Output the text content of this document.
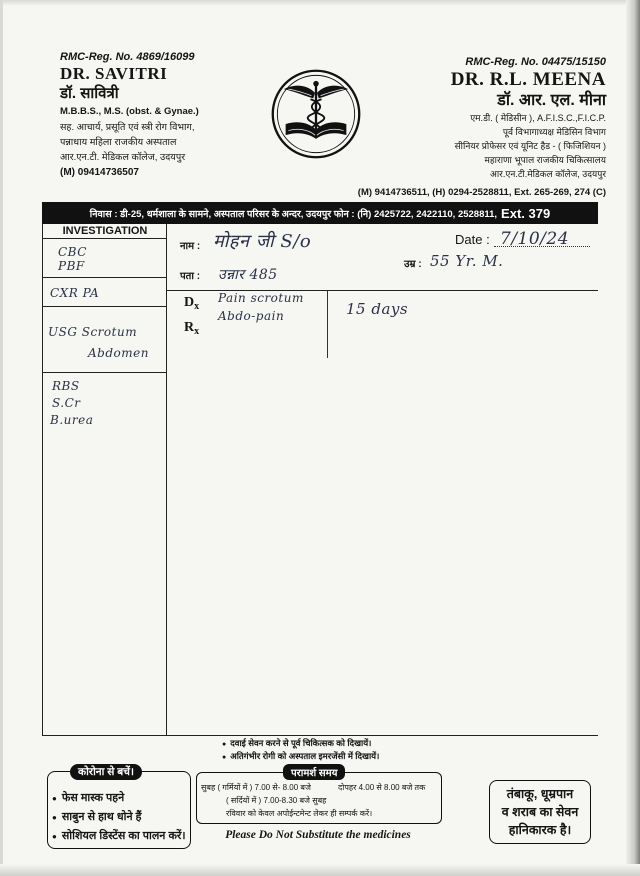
RMC-Reg. No. 4869/16099
DR. SAVITRI
डॉ. सावित्री
M.B.B.S., M.S. (obst. & Gynae.)
सह. आचार्य, प्रसूति एवं स्त्री रोग विभाग,
पन्नाधाय महिला राजकीय अस्पताल
आर.एन.टी. मेडिकल कॉलेज, उदयपुर
(M) 09414736507
RMC-Reg. No. 04475/15150
DR. R.L. MEENA
डॉ. आर. एल. मीना
एम.डी. ( मेडिसीन ), A.F.I.S.C.,F.I.C.P.
पूर्व विभागाध्यक्ष मेडिसिन विभाग
सीनियर प्रोफेसर एवं यूनिट हैड - ( फिजिशियन )
महाराणा भूपाल राजकीय चिकित्सालय
आर.एन.टी.मेडिकल कॉलेज, उदयपुर
(M) 9414736511, (H) 0294-2528811, Ext. 265-269, 274 (C)
निवास : डी-25, धर्मशाला के सामने, अस्पताल परिसर के अन्दर, उदयपुर फोन : (नि) 2425722, 2422110, 2528811, Ext. 379
INVESTIGATION
CBC
PBF
CXR PA
USG Scrotum
Abdomen
RBS
S.Cr
B.urea
नाम : मोहन जी S/o	Date : 7/10/24
पता : उन्नार 485
उम्र : 55 Yr. M.
$D_x$
$R_x$
Pain scrotum
Abdo-pain	15 days
● दवाई सेवन करने से पूर्व चिकित्सक को दिखायें।
● अतिगंभीर रोगी को अस्पताल इमरजेंसी में दिखायें।
कोरोना से बचें।
● फेस मास्क पहने
● साबुन से हाथ धोने हैं
● सोशियल डिस्टेंस का पालन करें।
परामर्श समय
सुबह ( गर्मियों में ) 7.00 से- 8.00 बजे	दोपहर 4.00 से 8.00 बजे तक
( सर्दियों में ) 7.00-8.30 बजे सुबह
रविवार को केवल अपोईन्टमेन्ट लेकर ही सम्पर्क करें।
Please Do Not Substitute the medicines
तंबाकू, धूम्रपान
व शराब का सेवन
हानिकारक है।
